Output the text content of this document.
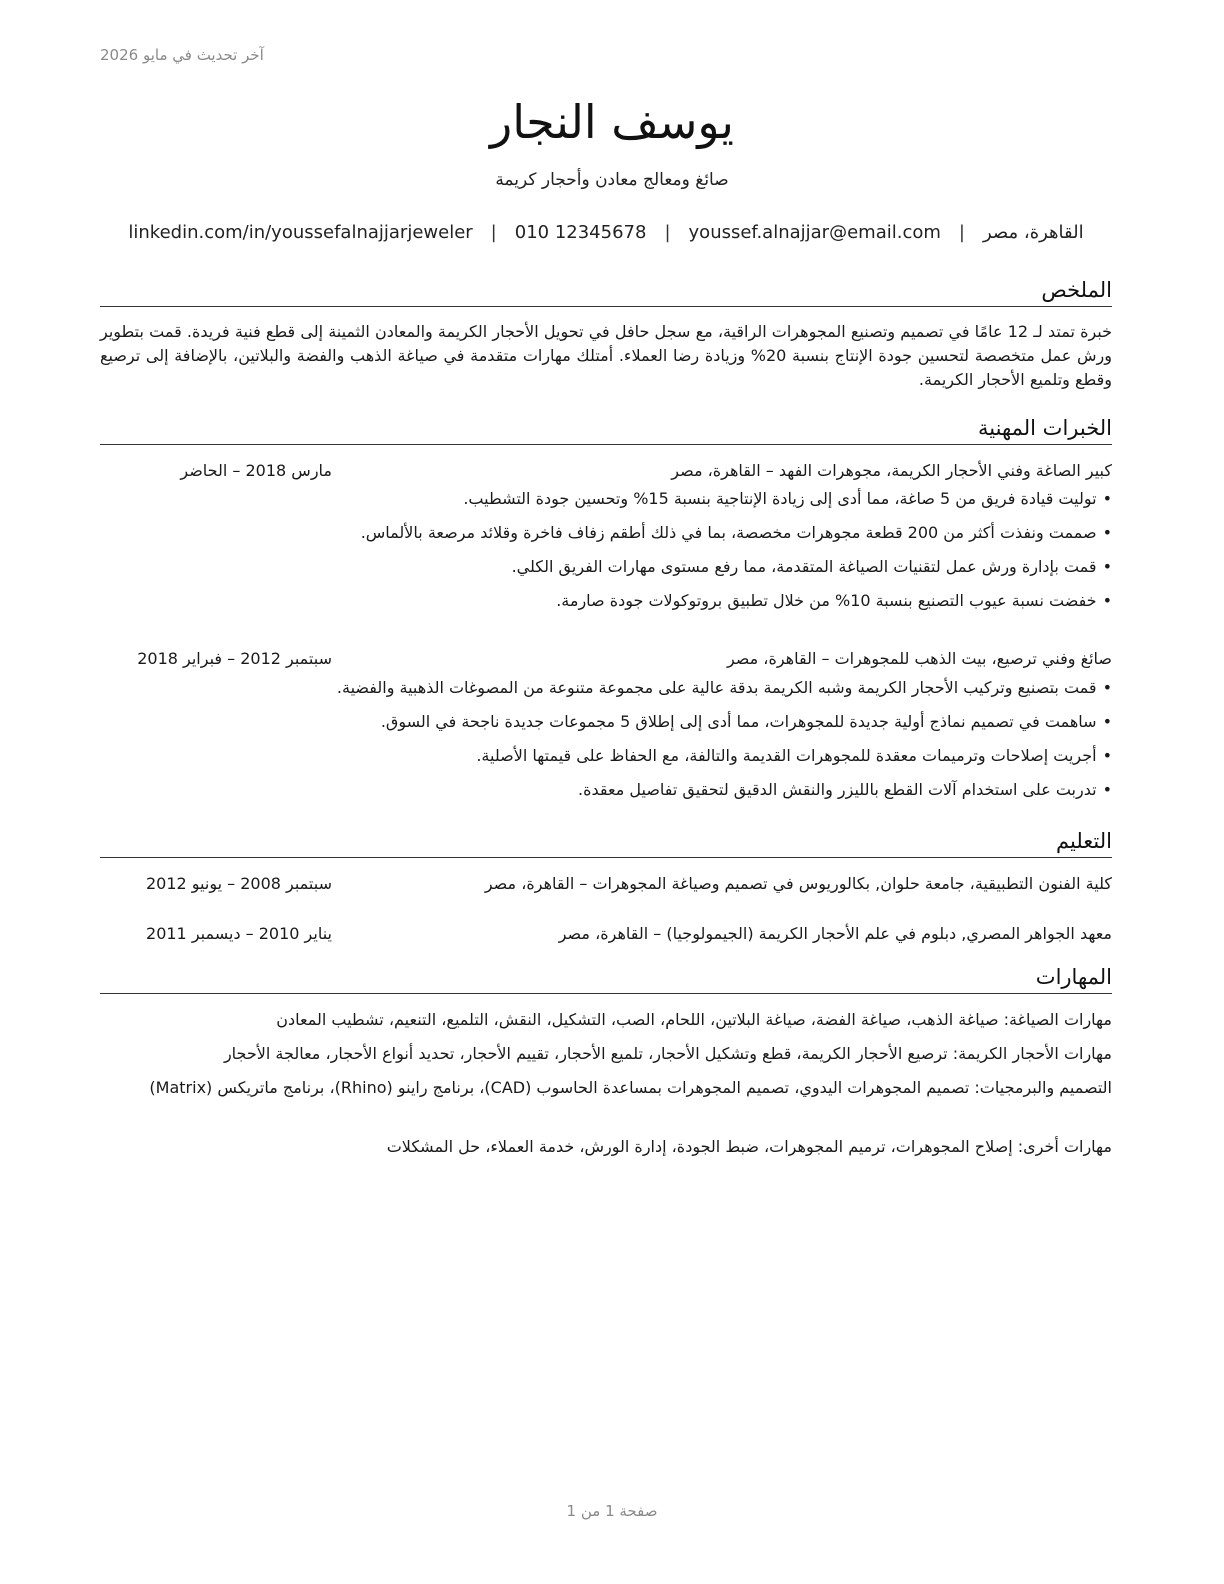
آخر تحديث في مايو 2026
يوسف النجار
صائغ ومعالج معادن وأحجار كريمة
القاهرة، مصر
|
youssef.alnajjar@email.com
|
010 12345678
|
linkedin.com/in/youssefalnajjarjeweler
الملخص

خبرة تمتد لـ 12 عامًا في تصميم وتصنيع المجوهرات الراقية، مع سجل حافل في تحويل الأحجار الكريمة والمعادن الثمينة إلى قطع فنية فريدة. قمت بتطوير ورش عمل متخصصة لتحسين جودة الإنتاج بنسبة 20% وزيادة رضا العملاء. أمتلك مهارات متقدمة في صياغة الذهب والفضة والبلاتين، بالإضافة إلى ترصيع وقطع وتلميع الأحجار الكريمة.

الخبرات المهنية
كبير الصاغة وفني الأحجار الكريمة، مجوهرات الفهد – القاهرة، مصر
مارس 2018 – الحاضر
•توليت قيادة فريق من 5 صاغة، مما أدى إلى زيادة الإنتاجية بنسبة 15% وتحسين جودة التشطيب.
•صممت ونفذت أكثر من 200 قطعة مجوهرات مخصصة، بما في ذلك أطقم زفاف فاخرة وقلائد مرصعة بالألماس.
•قمت بإدارة ورش عمل لتقنيات الصياغة المتقدمة، مما رفع مستوى مهارات الفريق الكلي.
•خفضت نسبة عيوب التصنيع بنسبة 10% من خلال تطبيق بروتوكولات جودة صارمة.
صائغ وفني ترصيع، بيت الذهب للمجوهرات – القاهرة، مصر
سبتمبر 2012 – فبراير 2018
•قمت بتصنيع وتركيب الأحجار الكريمة وشبه الكريمة بدقة عالية على مجموعة متنوعة من المصوغات الذهبية والفضية.
•ساهمت في تصميم نماذج أولية جديدة للمجوهرات، مما أدى إلى إطلاق 5 مجموعات جديدة ناجحة في السوق.
•أجريت إصلاحات وترميمات معقدة للمجوهرات القديمة والتالفة، مع الحفاظ على قيمتها الأصلية.
•تدربت على استخدام آلات القطع بالليزر والنقش الدقيق لتحقيق تفاصيل معقدة.
التعليم
كلية الفنون التطبيقية، جامعة حلوان, بكالوريوس في تصميم وصياغة المجوهرات – القاهرة، مصر
سبتمبر 2008 – يونيو 2012
معهد الجواهر المصري, دبلوم في علم الأحجار الكريمة (الجيمولوجيا) – القاهرة، مصر
يناير 2010 – ديسمبر 2011
المهارات
مهارات الصياغة: صياغة الذهب، صياغة الفضة، صياغة البلاتين، اللحام، الصب، التشكيل، النقش، التلميع، التنعيم، تشطيب المعادن
مهارات الأحجار الكريمة: ترصيع الأحجار الكريمة، قطع وتشكيل الأحجار، تلميع الأحجار، تقييم الأحجار، تحديد أنواع الأحجار، معالجة الأحجار
التصميم والبرمجيات: تصميم المجوهرات اليدوي، تصميم المجوهرات بمساعدة الحاسوب (CAD)، برنامج راينو (Rhino)، برنامج ماتريكس (Matrix)
مهارات أخرى: إصلاح المجوهرات، ترميم المجوهرات، ضبط الجودة، إدارة الورش، خدمة العملاء، حل المشكلات
صفحة 1 من 1
